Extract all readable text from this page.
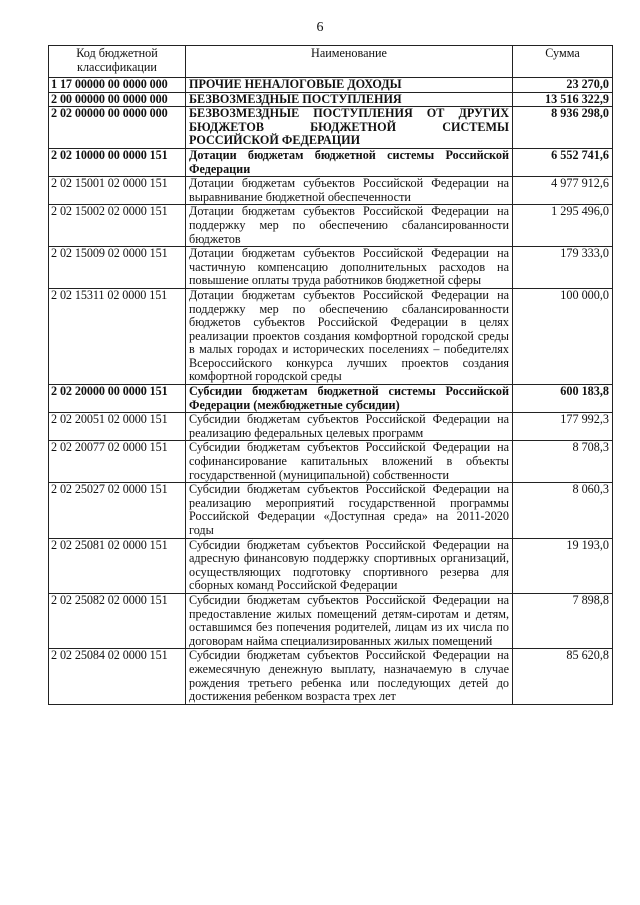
6
Код бюджетной классификации	Наименование	Сумма
1 17 00000 00 0000 000	ПРОЧИЕ НЕНАЛОГОВЫЕ ДОХОДЫ	23 270,0
2 00 00000 00 0000 000	БЕЗВОЗМЕЗДНЫЕ ПОСТУПЛЕНИЯ	13 516 322,9
2 02 00000 00 0000 000	БЕЗВОЗМЕЗДНЫЕ ПОСТУПЛЕНИЯ ОТ ДРУГИХ БЮДЖЕТОВ БЮДЖЕТНОЙ СИСТЕМЫ РОССИЙСКОЙ ФЕДЕРАЦИИ	8 936 298,0
2 02 10000 00 0000 151	Дотации бюджетам бюджетной системы Российской Федерации	6 552 741,6
2 02 15001 02 0000 151	Дотации бюджетам субъектов Российской Федерации на выравнивание бюджетной обеспеченности	4 977 912,6
2 02 15002 02 0000 151	Дотации бюджетам субъектов Российской Федерации на поддержку мер по обеспечению сбалансированности бюджетов	1 295 496,0
2 02 15009 02 0000 151	Дотации бюджетам субъектов Российской Федерации на частичную компенсацию дополнительных расходов на повышение оплаты труда работников бюджетной сферы	179 333,0
2 02 15311 02 0000 151	Дотации бюджетам субъектов Российской Федерации на поддержку мер по обеспечению сбалансированности бюджетов субъектов Российской Федерации в целях реализации проектов создания комфортной городской среды в малых городах и исторических поселениях – победителях Всероссийского конкурса лучших проектов создания комфортной городской среды	100 000,0
2 02 20000 00 0000 151	Субсидии бюджетам бюджетной системы Российской Федерации (межбюджетные субсидии)	600 183,8
2 02 20051 02 0000 151	Субсидии бюджетам субъектов Российской Федерации на реализацию федеральных целевых программ	177 992,3
2 02 20077 02 0000 151	Субсидии бюджетам субъектов Российской Федерации на софинансирование капитальных вложений в объекты государственной (муниципальной) собственности	8 708,3
2 02 25027 02 0000 151	Субсидии бюджетам субъектов Российской Федерации на реализацию мероприятий государственной программы Российской Федерации «Доступная среда» на 2011-2020 годы	8 060,3
2 02 25081 02 0000 151	Субсидии бюджетам субъектов Российской Федерации на адресную финансовую поддержку спортивных организаций, осуществляющих подготовку спортивного резерва для сборных команд Российской Федерации	19 193,0
2 02 25082 02 0000 151	Субсидии бюджетам субъектов Российской Федерации на предоставление жилых помещений детям-сиротам и детям, оставшимся без попечения родителей, лицам из их числа по договорам найма специализированных жилых помещений	7 898,8
2 02 25084 02 0000 151	Субсидии бюджетам субъектов Российской Федерации на ежемесячную денежную выплату, назначаемую в случае рождения третьего ребенка или последующих детей до достижения ребенком возраста трех лет	85 620,8
